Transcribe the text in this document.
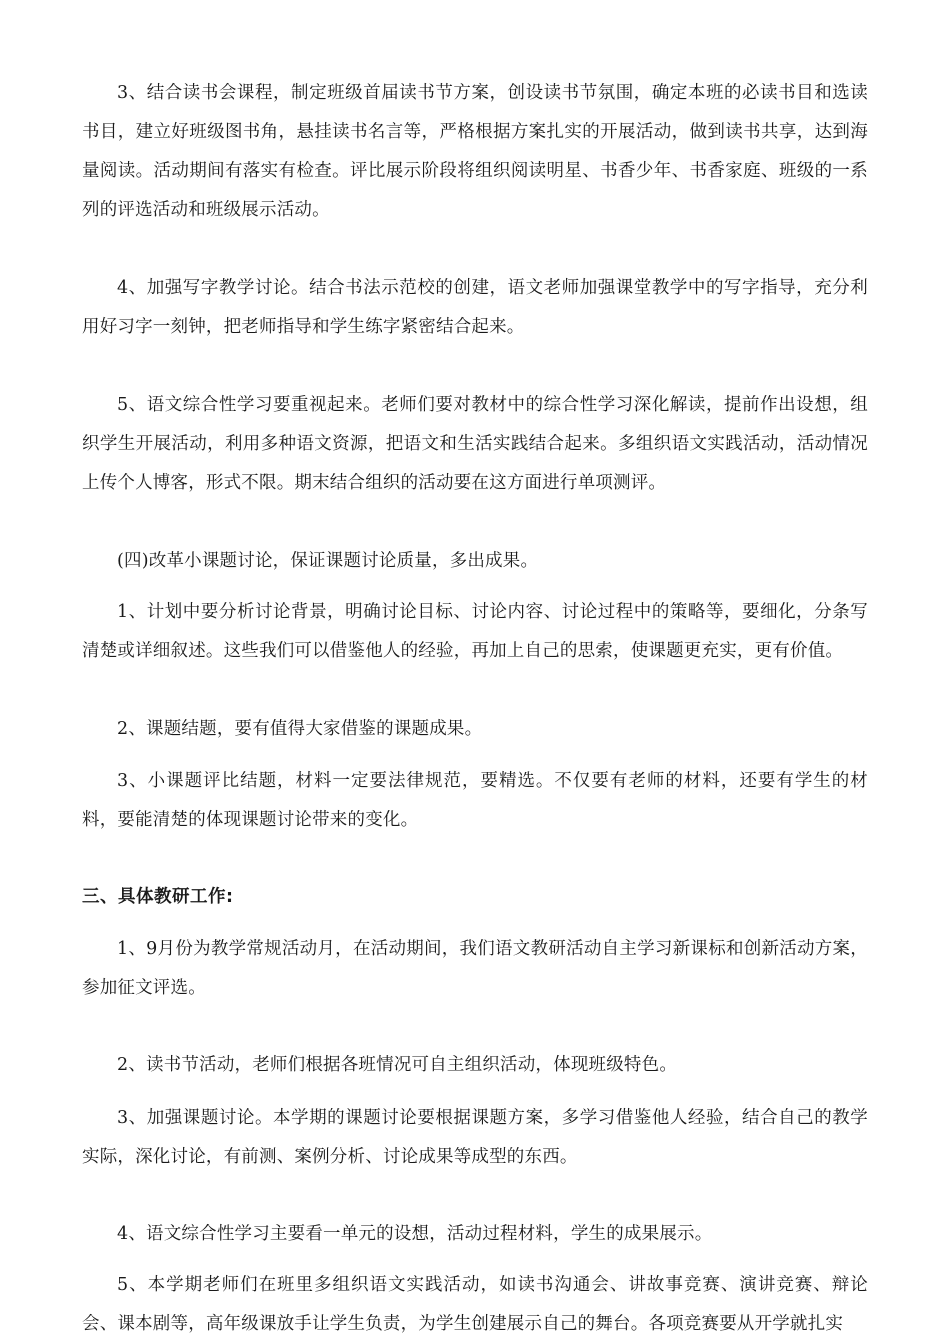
3、结合读书会课程，制定班级首届读书节方案，创设读书节氛围，确定本班的必读书目和选读书目，建立好班级图书角，悬挂读书名言等，严格根据方案扎实的开展活动，做到读书共享，达到海量阅读。活动期间有落实有检查。评比展示阶段将组织阅读明星、书香少年、书香家庭、班级的一系列的评选活动和班级展示活动。

4、加强写字教学讨论。结合书法示范校的创建，语文老师加强课堂教学中的写字指导，充分利用好习字一刻钟，把老师指导和学生练字紧密结合起来。

5、语文综合性学习要重视起来。老师们要对教材中的综合性学习深化解读，提前作出设想，组织学生开展活动，利用多种语文资源，把语文和生活实践结合起来。多组织语文实践活动，活动情况上传个人博客，形式不限。期末结合组织的活动要在这方面进行单项测评。

(四)改革小课题讨论，保证课题讨论质量，多出成果。

1、计划中要分析讨论背景，明确讨论目标、讨论内容、讨论过程中的策略等，要细化，分条写清楚或详细叙述。这些我们可以借鉴他人的经验，再加上自己的思索，使课题更充实，更有价值。

2、课题结题，要有值得大家借鉴的课题成果。

3、小课题评比结题，材料一定要法律规范，要精选。不仅要有老师的材料，还要有学生的材料，要能清楚的体现课题讨论带来的变化。

三、具体教研工作:

1、9月份为教学常规活动月，在活动期间，我们语文教研活动自主学习新课标和创新活动方案，参加征文评选。

2、读书节活动，老师们根据各班情况可自主组织活动，体现班级特色。

3、加强课题讨论。本学期的课题讨论要根据课题方案，多学习借鉴他人经验，结合自己的教学实际，深化讨论，有前测、案例分析、讨论成果等成型的东西。

4、语文综合性学习主要看一单元的设想，活动过程材料，学生的成果展示。

5、本学期老师们在班里多组织语文实践活动，如读书沟通会、讲故事竞赛、演讲竞赛、辩论会、课本剧等，高年级课放手让学生负责，为学生创建展示自己的舞台。各项竞赛要从开学就扎实
